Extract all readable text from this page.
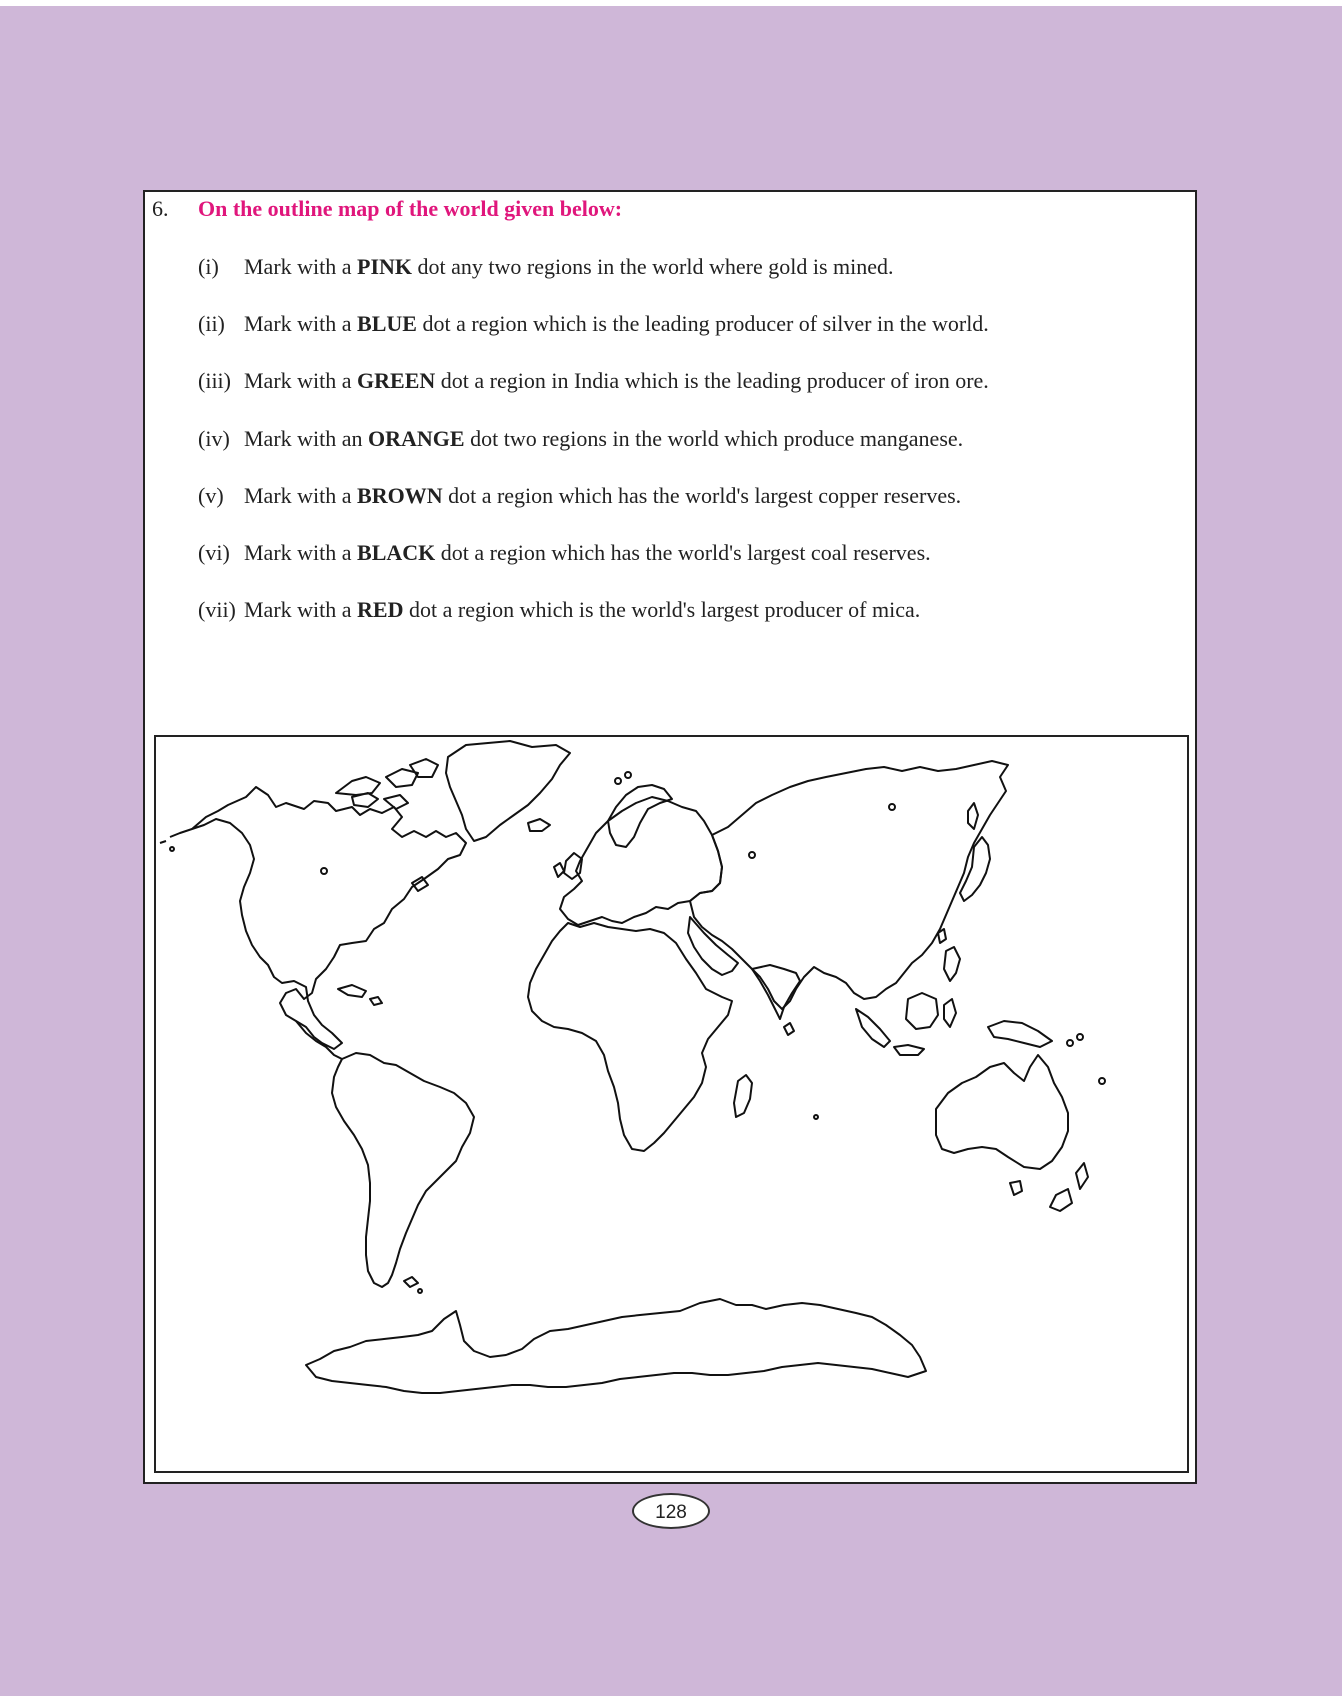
6. On the outline map of the world given below:
(i) Mark with a PINK dot any two regions in the world where gold is mined.
(ii) Mark with a BLUE dot a region which is the leading producer of silver in the world.
(iii) Mark with a GREEN dot a region in India which is the leading producer of iron ore.
(iv) Mark with an ORANGE dot two regions in the world which produce manganese.
(v) Mark with a BROWN dot a region which has the world's largest copper reserves.
(vi) Mark with a BLACK dot a region which has the world's largest coal reserves.
(vii) Mark with a RED dot a region which is the world's largest producer of mica.
128
